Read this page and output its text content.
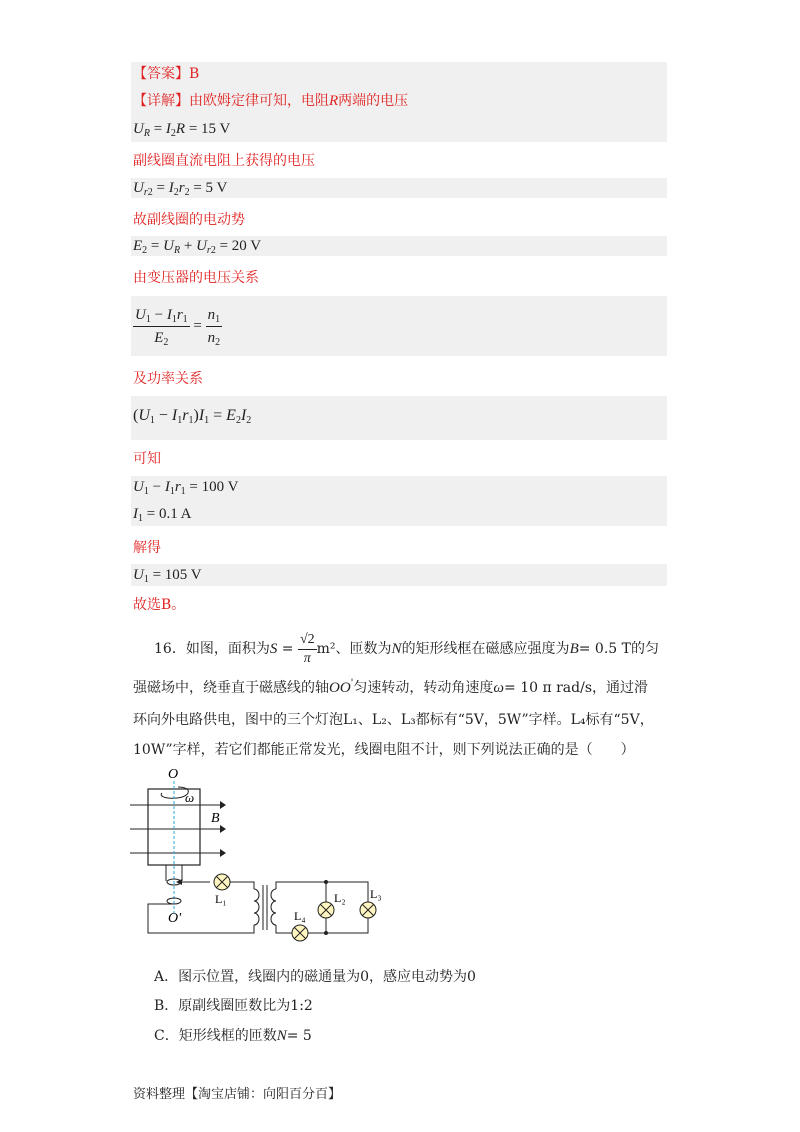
【答案】B
【详解】由欧姆定律可知，电阻R两端的电压
$U_R = I_2R = 15$ V
副线圈直流电阻上获得的电压
$U_{r2} = I_2r_2 = 5$ V
故副线圈的电动势
$E_2 = U_R + U_{r2} = 20$ V
由变压器的电压关系
$\frac{U_1 - I_1r_1}{E_2} = \frac{n_1}{n_2}$
及功率关系
$(U_1 - I_1r_1)I_1 = E_2I_2$
可知
$U_1 - I_1r_1 = 100$ V
$I_1 = 0.1$ A
解得
$U_1 = 105$ V
故选B。
16．如图，面积为$S = \frac{√2}{\pi} m^2$、匝数为N的矩形线框在磁感应强度为B= 0.5 T的匀
强磁场中，绕垂直于磁感线的轴OO'匀速转动，转动角速度ω= 10 π rad/s，通过滑
环向外电路供电，图中的三个灯泡L₁、L₂、L₃都标有“5V，5W”字样。L₄标有“5V，
10W”字样，若它们都能正常发光，线圈电阻不计，则下列说法正确的是（　　）
O
ω
B
O'
L₁
L₄
L₂ L₃
A．图示位置，线圈内的磁通量为0，感应电动势为0
B．原副线圈匝数比为1:2
C．矩形线框的匝数N= 5
资料整理【淘宝店铺：向阳百分百】
